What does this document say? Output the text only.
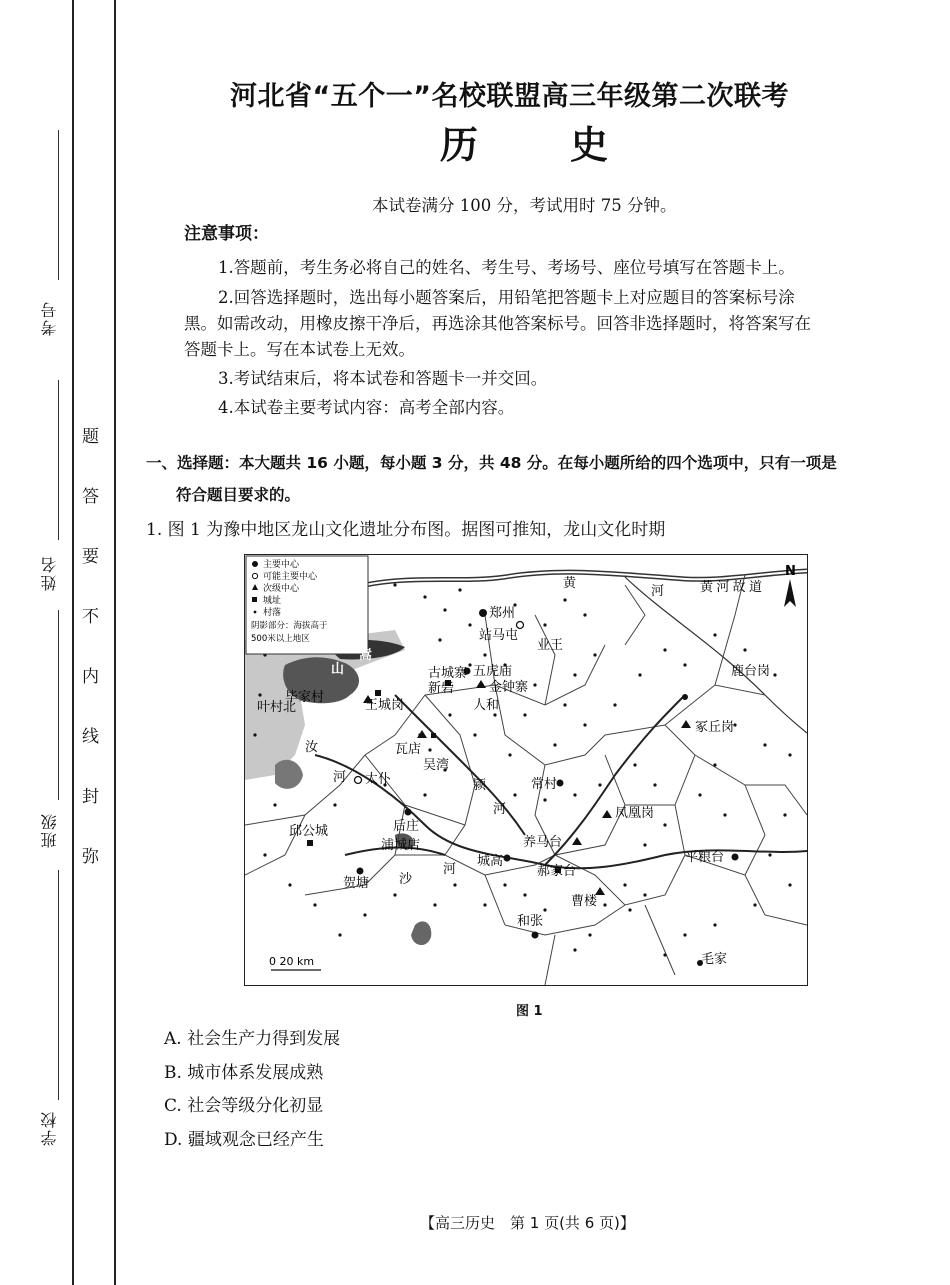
考号
姓名
班级
学校
题
答
要
不
内
线
封
弥
河北省“五个一”名校联盟高三年级第二次联考
历史
本试卷满分 100 分，考试用时 75 分钟。
注意事项：
1.答题前，考生务必将自己的姓名、考生号、考场号、座位号填写在答题卡上。
2.回答选择题时，选出每小题答案后，用铅笔把答题卡上对应题目的答案标号涂
黑。如需改动，用橡皮擦干净后，再选涂其他答案标号。回答非选择题时，将答案写在
答题卡上。写在本试卷上无效。
3.考试结束后，将本试卷和答题卡一并交回。
4.本试卷主要考试内容：高考全部内容。
一、选择题：本大题共 16 小题，每小题 3 分，共 48 分。在每小题所给的四个选项中，只有一项是
符合题目要求的。
1. 图 1 为豫中地区龙山文化遗址分布图。据图可推知，龙山文化时期
主要中心
可能主要中心
次级中心
城址
村落
阴影部分：海拔高于
500米以上地区
N
0 20 km
黄
河	黄河故道
汝
河
颍
河
沙
河
山
嵩
郑州
站马屯
业王
古城寨 五虎庙
新砦	金钟寨
人和
鹿台岗
冢丘岗
毕家村
叶村北	王城岗
瓦店
吴湾
太仆	常村
凤凰岗
后庄
邱公城
浦城店	养马台
城高
郝家台
平粮台
贺塘
曹楼
和张
毛家
图 1
A. 社会生产力得到发展
B. 城市体系发展成熟
C. 社会等级分化初显
D. 疆域观念已经产生
【高三历史　第 1 页(共 6 页)】
